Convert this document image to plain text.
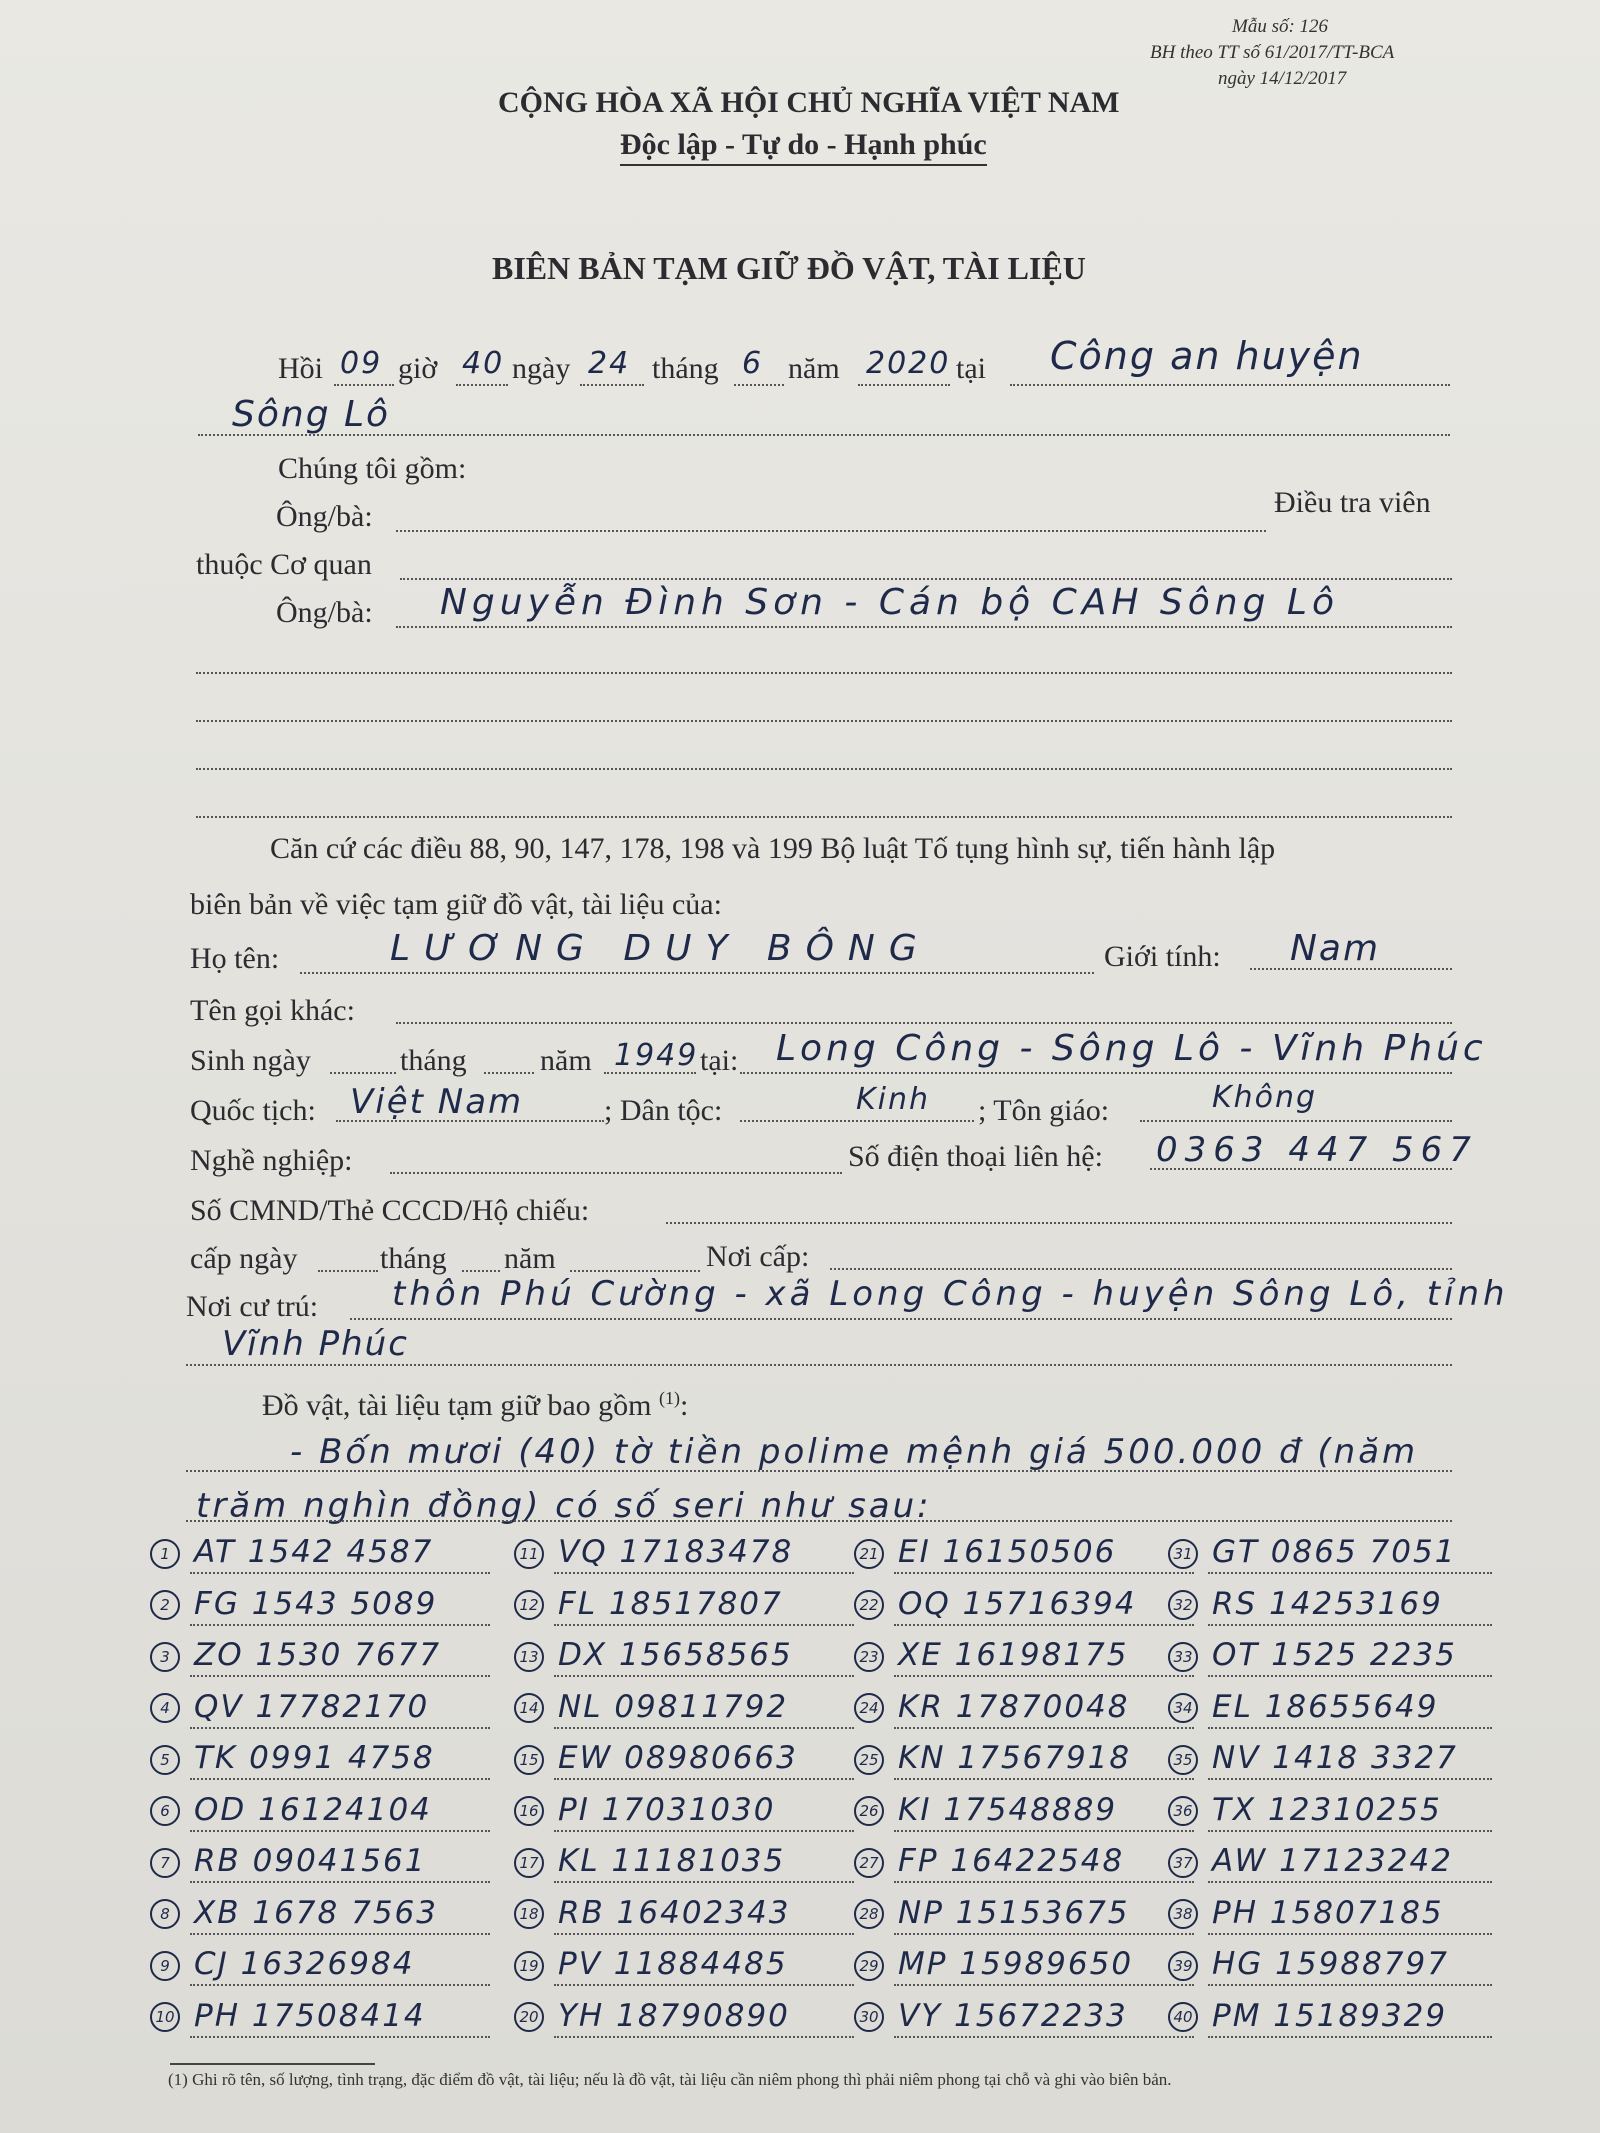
Mẫu số: 126
BH theo TT số 61/2017/TT-BCA
ngày 14/12/2017
CỘNG HÒA XÃ HỘI CHỦ NGHĨA VIỆT NAM
Độc lập - Tự do - Hạnh phúc
BIÊN BẢN TẠM GIỮ ĐỒ VẬT, TÀI LIỆU
Hồi 09 giờ 40 ngày 24 tháng 6 năm 2020 tại Công an huyện
Sông Lô
Chúng tôi gồm:
Ông/bà:	Điều tra viên
thuộc Cơ quan
Ông/bà: Nguyễn Đình Sơn - Cán bộ CAH Sông Lô
Căn cứ các điều 88, 90, 147, 178, 198 và 199 Bộ luật Tố tụng hình sự, tiến hành lập
biên bản về việc tạm giữ đồ vật, tài liệu của:
Họ tên:	LƯƠNG DUY BÔNG	Giới tính: Nam
Tên gọi khác:
Sinh ngày	tháng năm 1949 tại: Long Công - Sông Lô - Vĩnh Phúc
Quốc tịch: Việt Nam	; Dân tộc:	Kinh ; Tôn giáo:	Không
Nghề nghiệp:	Số điện thoại liên hệ: 0363 447 567
Số CMND/Thẻ CCCD/Hộ chiếu:
cấp ngày	tháng năm	Nơi cấp:
Nơi cư trú: thôn Phú Cường - xã Long Công - huyện Sông Lô, tỉnh
Vĩnh Phúc
Đồ vật, tài liệu tạm giữ bao gồm $^{(1)}$:
- Bốn mươi (40) tờ tiền polime mệnh giá 500.000 đ (năm
trăm nghìn đồng) có số seri như sau:
1 AT 1542 4587
2 FG 1543 5089
3 ZO 1530 7677
4 QV 17782170
5 TK 0991 4758
6 OD 16124104
7 RB 09041561
8 XB 1678 7563
9 CJ 16326984
10 PH 17508414
11 VQ 17183478
12 FL 18517807
13 DX 15658565
14 NL 09811792
15 EW 08980663
16 PI 17031030
17 KL 11181035
18 RB 16402343
19 PV 11884485
20 YH 18790890
21 EI 16150506
22 OQ 15716394
23 XE 16198175
24 KR 17870048
25 KN 17567918
26 KI 17548889
27 FP 16422548
28 NP 15153675
29 MP 15989650
30 VY 15672233
31 GT 0865 7051
32 RS 14253169
33 OT 1525 2235
34 EL 18655649
35 NV 1418 3327
36 TX 12310255
37 AW 17123242
38 PH 15807185
39 HG 15988797
40 PM 15189329
(1) Ghi rõ tên, số lượng, tình trạng, đặc điểm đồ vật, tài liệu; nếu là đồ vật, tài liệu cần niêm phong thì phải niêm phong tại chỗ và ghi vào biên bản.
